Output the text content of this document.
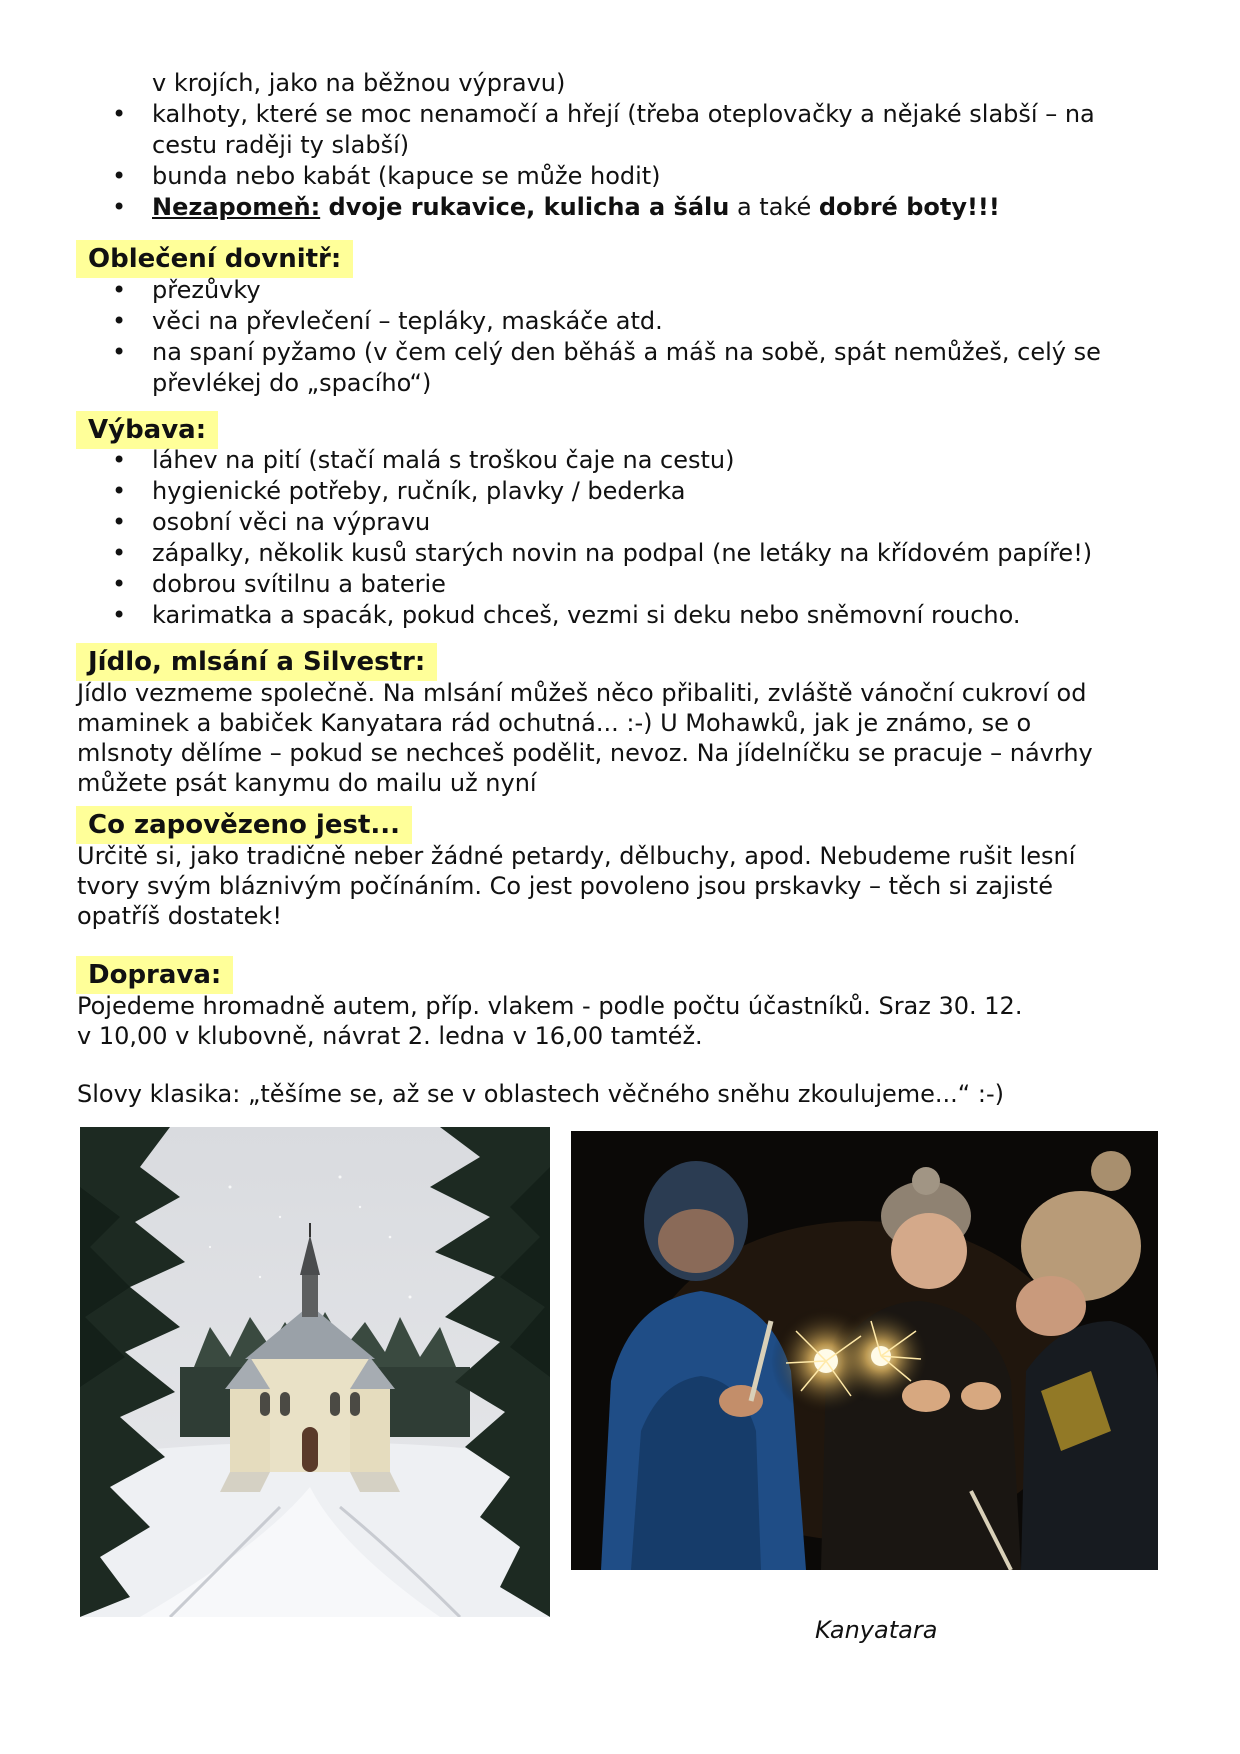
v krojích, jako na běžnou výpravu)
• kalhoty, které se moc nenamočí a hřejí (třeba oteplovačky a nějaké slabší – na
cestu raději ty slabší)
• bunda nebo kabát (kapuce se může hodit)
• Nezapomeň: dvoje rukavice, kulicha a šálu a také dobré boty!!!
Oblečení dovnitř:
• přezůvky
• věci na převlečení – tepláky, maskáče atd.
• na spaní pyžamo (v čem celý den běháš a máš na sobě, spát nemůžeš, celý se
převlékej do „spacího“)
Výbava:
• láhev na pití (stačí malá s troškou čaje na cestu)
• hygienické potřeby, ručník, plavky / bederka
• osobní věci na výpravu
• zápalky, několik kusů starých novin na podpal (ne letáky na křídovém papíře!)
• dobrou svítilnu a baterie
• karimatka a spacák, pokud chceš, vezmi si deku nebo sněmovní roucho.
Jídlo, mlsání a Silvestr:
Jídlo vezmeme společně. Na mlsání můžeš něco přibaliti, zvláště vánoční cukroví od
maminek a babiček Kanyatara rád ochutná... :-) U Mohawků, jak je známo, se o
mlsnoty dělíme – pokud se nechceš podělit, nevoz. Na jídelníčku se pracuje – návrhy
můžete psát kanymu do mailu už nyní
Co zapovězeno jest...
Určitě si, jako tradičně neber žádné petardy, dělbuchy, apod. Nebudeme rušit lesní
tvory svým bláznivým počínáním. Co jest povoleno jsou prskavky – těch si zajisté
opatříš dostatek!
Doprava:
Pojedeme hromadně autem, příp. vlakem - podle počtu účastníků. Sraz 30. 12.
v 10,00 v klubovně, návrat 2. ledna v 16,00 tamtéž.
Slovy klasika: „těšíme se, až se v oblastech věčného sněhu zkoulujeme...“ :-)
Kanyatara
